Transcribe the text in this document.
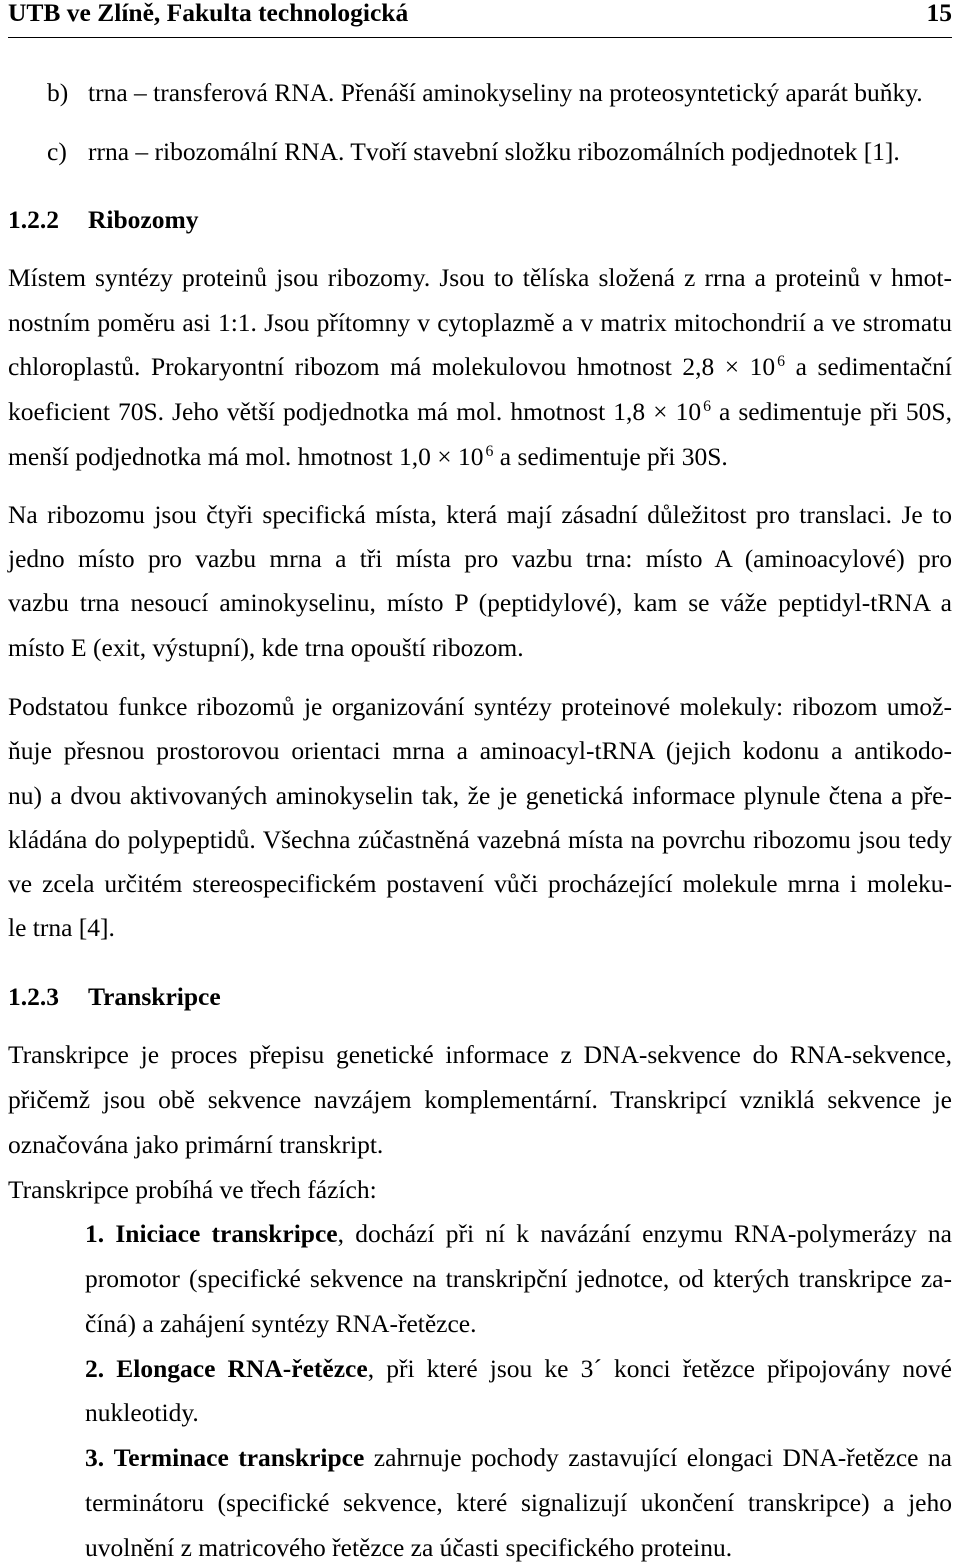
UTB ve Zlíně, Fakulta technologická	15
b) trna – transferová RNA. Přenáší aminokyseliny na proteosyntetický aparát buňky.
c) rrna – ribozomální RNA. Tvoří stavební složku ribozomálních podjednotek [1].
1.2.2 Ribozomy
Místem syntézy proteinů jsou ribozomy. Jsou to tělíska složená z rrna a proteinů v hmot-
nostním poměru asi 1:1. Jsou přítomny v cytoplazmě a v matrix mitochondrií a ve stromatu
chloroplastů. Prokaryontní ribozom má molekulovou hmotnost 2,8 × 10 $^6$ a sedimentační
koeficient 70S. Jeho větší podjednotka má mol. hmotnost 1,8 × 10 $^6$ a sedimentuje při 50S,
menší podjednotka má mol. hmotnost 1,0 × 10 $^6$ a sedimentuje při 30S.
Na ribozomu jsou čtyři specifická místa, která mají zásadní důležitost pro translaci. Je to
jedno místo pro vazbu mrna a tři místa pro vazbu trna: místo A (aminoacylové) pro
vazbu trna nesoucí aminokyselinu, místo P (peptidylové), kam se váže peptidyl-tRNA a
místo E (exit, výstupní), kde trna opouští ribozom.
Podstatou funkce ribozomů je organizování syntézy proteinové molekuly: ribozom umož-
ňuje přesnou prostorovou orientaci mrna a aminoacyl-tRNA (jejich kodonu a antikodo-
nu) a dvou aktivovaných aminokyselin tak, že je genetická informace plynule čtena a pře-
kládána do polypeptidů. Všechna zúčastněná vazebná místa na povrchu ribozomu jsou tedy
ve zcela určitém stereospecifickém postavení vůči procházející molekule mrna i moleku-
le trna [4].
1.2.3 Transkripce
Transkripce je proces přepisu genetické informace z DNA-sekvence do RNA-sekvence,
přičemž jsou obě sekvence navzájem komplementární. Transkripcí vzniklá sekvence je
označována jako primární transkript.
Transkripce probíhá ve třech fázích:
1. Iniciace transkripce, dochází při ní k navázání enzymu RNA-polymerázy na
promotor (specifické sekvence na transkripční jednotce, od kterých transkripce za-
číná) a zahájení syntézy RNA-řetězce.
2. Elongace RNA-řetězce, při které jsou ke 3´ konci řetězce připojovány nové
nukleotidy.
3. Terminace transkripce zahrnuje pochody zastavující elongaci DNA-řetězce na
terminátoru (specifické sekvence, které signalizují ukončení transkripce) a jeho
uvolnění z matricového řetězce za účasti specifického proteinu.
